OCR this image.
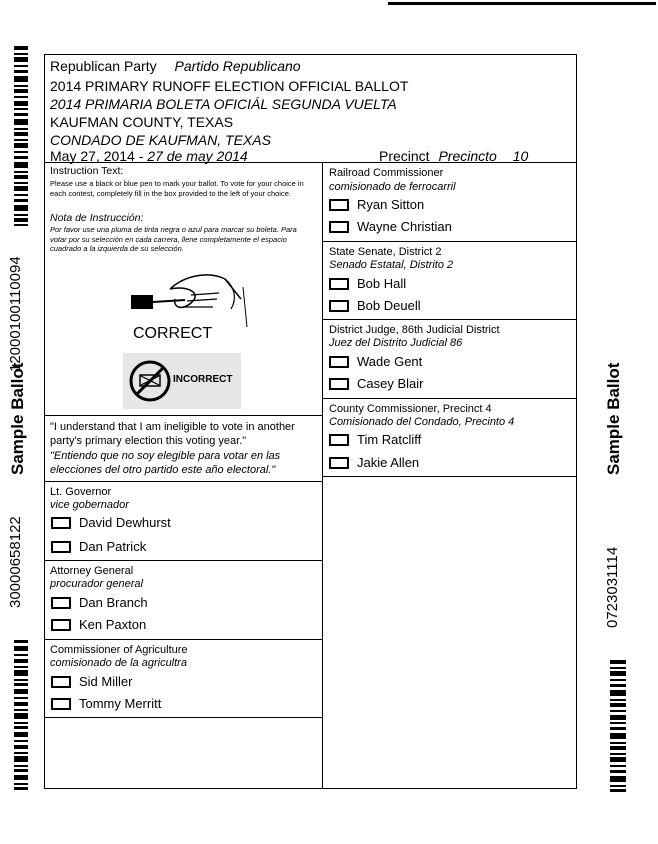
Sample Ballot
12000100110094
30000658122
Sample Ballot
0723031114
Republican Party Partido Republicano
2014 PRIMARY RUNOFF ELECTION OFFICIAL BALLOT
2014 PRIMARIA BOLETA OFICIÁL SEGUNDA VUELTA
KAUFMAN COUNTY, TEXAS
CONDADO DE KAUFMAN, TEXAS
May 27, 2014 - 27 de may 2014	Precinct Precincto 10
Instruction Text:
Please use a black or blue pen to mark your ballot. To vote for your choice in each contest, completely fill in the box provided to the left of your choice.
Nota de Instrucción:
Por favor use una pluma de tinta negra o azul para marcar su boleta. Para votar por su selección en cada carrera, llene completamente el espacio cuadrado a la izquierda de su selección.
CORRECT
INCORRECT
"I understand that I am ineligible to vote in another party's primary election this voting year."
"Entiendo que no soy elegible para votar en las elecciones del otro partido este año electoral."
Lt. Governor
vice gobernador
David Dewhurst
Dan Patrick
Attorney General
procurador general
Dan Branch
Ken Paxton
Commissioner of Agriculture
comisionado de la agricultra
Sid Miller
Tommy Merritt
Railroad Commissioner
comisionado de ferrocarril
Ryan Sitton
Wayne Christian
State Senate, District 2
Senado Estatal, Distrito 2
Bob Hall
Bob Deuell
District Judge, 86th Judicial District
Juez del Distrito Judicial 86
Wade Gent
Casey Blair
County Commissioner, Precinct 4
Comisionado del Condado, Precinto 4
Tim Ratcliff
Jakie Allen
